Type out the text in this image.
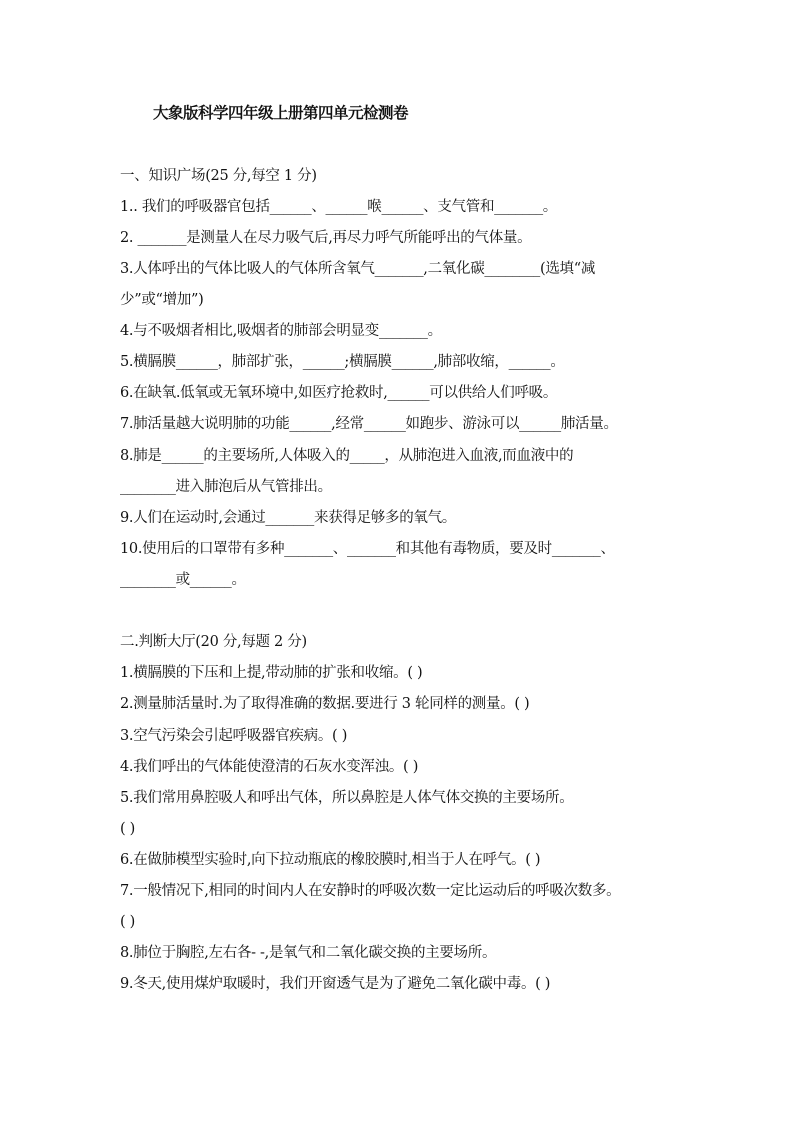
大象版科学四年级上册第四单元检测卷
一、知识广场(25 分,每空 1 分)
1.. 我们的呼吸器官包括______、______喉______、支气管和_______。
2. _______是测量人在尽力吸气后,再尽力呼气所能呼出的气体量。
3.人体呼出的气体比吸人的气体所含氧气_______,二氧化碳________(选填“减
少”或“增加”)
4.与不吸烟者相比,吸烟者的肺部会明显变_______。
5.横膈膜______，肺部扩张，______;横膈膜______,肺部收缩，______。
6.在缺氧.低氧或无氧环境中,如医疗抢救时,______可以供给人们呼吸。
7.肺活量越大说明肺的功能______,经常______如跑步、游泳可以______肺活量。
8.肺是______的主要场所,人体吸入的_____，从肺泡进入血液,而血液中的
________进入肺泡后从气管排出。
9.人们在运动时,会通过_______来获得足够多的氧气。
10.使用后的口罩带有多种_______、_______和其他有毒物质，要及时_______、
________或______。
二.判断大厅(20 分,每题 2 分)
1.横膈膜的下压和上提,带动肺的扩张和收缩。( )
2.测量肺活量时.为了取得准确的数据.要进行 3 轮同样的测量。( )
3.空气污染会引起呼吸器官疾病。( )
4.我们呼出的气体能使澄清的石灰水变浑浊。( )
5.我们常用鼻腔吸人和呼出气体，所以鼻腔是人体气体交换的主要场所。
( )
6.在做肺模型实验时,向下拉动瓶底的橡胶膜时,相当于人在呼气。( )
7.一般情况下,相同的时间内人在安静时的呼吸次数一定比运动后的呼吸次数多。
( )
8.肺位于胸腔,左右各- -,是氧气和二氧化碳交换的主要场所。
9.冬天,使用煤炉取暖时，我们开窗透气是为了避免二氧化碳中毒。( )
